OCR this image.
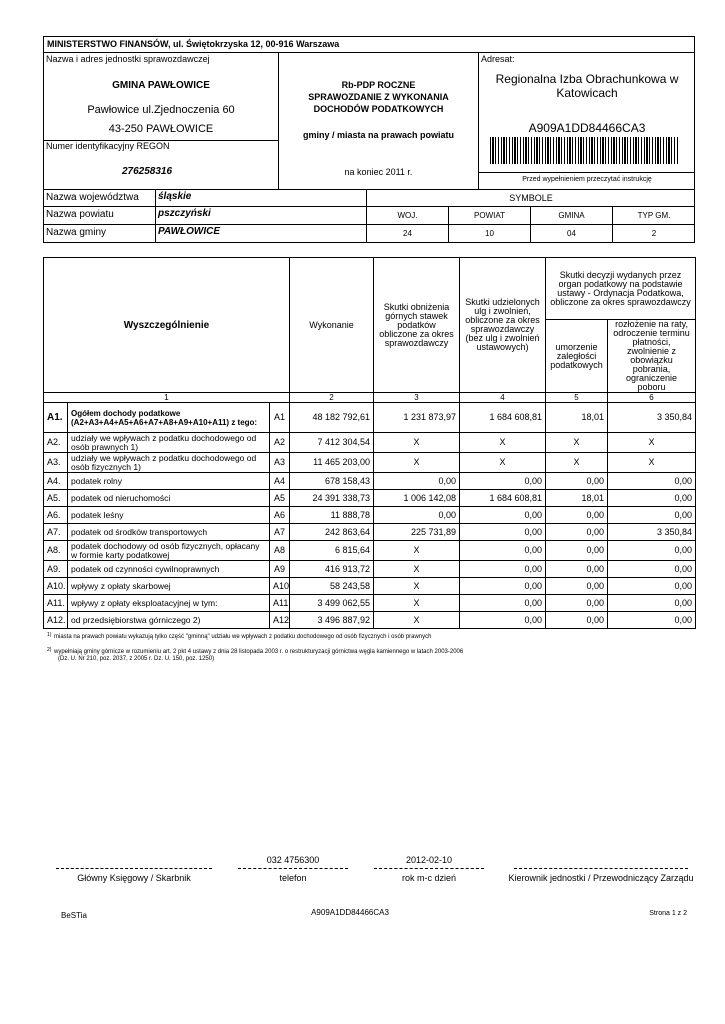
MINISTERSTWO FINANSÓW, ul. Świętokrzyska 12, 00-916 Warszawa
Nazwa i adres jednostki sprawozdawczej
GMINA PAWŁOWICE
Pawłowice ul.Zjednoczenia 60
43-250 PAWŁOWICE
Numer identyfikacyjny REGON
276258316
Rb-PDP ROCZNE
SPRAWOZDANIE Z WYKONANIA
DOCHODÓW PODATKOWYCH
gminy / miasta na prawach powiatu
na koniec 2011 r.
Adresat:
Regionalna Izba Obrachunkowa w
Katowicach
A909A1DD84466CA3
Przed wypełnieniem przeczytać instrukcję
SYMBOLE
Nazwa województwa śląskie
Nazwa powiatu	pszczyński
Nazwa gminy	PAWŁOWICE
WOJ.	POWIAT	GMINA	TYP GM.
24	10	04	2
Wyszczególnienie			Wykonanie	Skutki obniżenia górnych stawek podatków obliczone za okres sprawozdawczy	Skutki udzielonych ulg i zwolnień, obliczone za okres sprawozdawczy (bez ulg i zwolnień ustawowych)	Skutki decyzji wydanych przez organ podatkowy na podstawie ustawy - Ordynacja Podatkowa, obliczone za okres sprawozdawczy	
						umorzenie zaległości podatkowych	rozłożenie na raty, odroczenie terminu płatności, zwolnienie z obowiązku pobrania, ograniczenie poboru
1			2	3	4	5	6
A1.	Ogółem dochody podatkowe (A2+A3+A4+A5+A6+A7+A8+A9+A10+A11) z tego:	A1	48 182 792,61	1 231 873,97	1 684 608,81	18,01	3 350,84
A2.	udziały we wpływach z podatku dochodowego od osób prawnych 1)	A2	7 412 304,54	X	X	X	X
A3.	udziały we wpływach z podatku dochodowego od osób fizycznych 1)	A3	11 465 203,00	X	X	X	X
A4.	podatek rolny	A4	678 158,43	0,00	0,00	0,00	0,00
A5.	podatek od nieruchomości	A5	24 391 338,73	1 006 142,08	1 684 608,81	18,01	0,00
A6.	podatek leśny	A6	11 888,78	0,00	0,00	0,00	0,00
A7.	podatek od środków transportowych	A7	242 863,64	225 731,89	0,00	0,00	3 350,84
A8.	podatek dochodowy od osób fizycznych, opłacany w formie karty podatkowej	A8	6 815,64	X	0,00	0,00	0,00
A9.	podatek od czynności cywilnoprawnych	A9	416 913,72	X	0,00	0,00	0,00
A10.	wpływy z opłaty skarbowej	A10	58 243,58	X	0,00	0,00	0,00
A11.	wpływy z opłaty eksploatacyjnej w tym:	A11	3 499 062,55	X	0,00	0,00	0,00
A12.	od przedsiębiorstwa górniczego 2)	A12	3 496 887,92	X	0,00	0,00	0,00
1) miasta na prawach powiatu wykazują tylko część "gminną" udziału we wpływach z podatku dochodowego od osób fizycznych i osób prawnych
2) wypełniają gminy górnicze w rozumieniu art. 2 pkt 4 ustawy z dnia 28 listopada 2003 r. o restrukturyzacji górnictwa węgla kamiennego w latach 2003-2006
(Dz. U. Nr 210, poz. 2037, z 2005 r. Dz. U. 150, poz. 1250)
032 4756300	2012-02-10
Główny Księgowy / Skarbnik	telefon	rok m-c dzień	Kierownik jednostki / Przewodniczący Zarządu
BeSTia	A909A1DD84466CA3	Strona 1 z 2
